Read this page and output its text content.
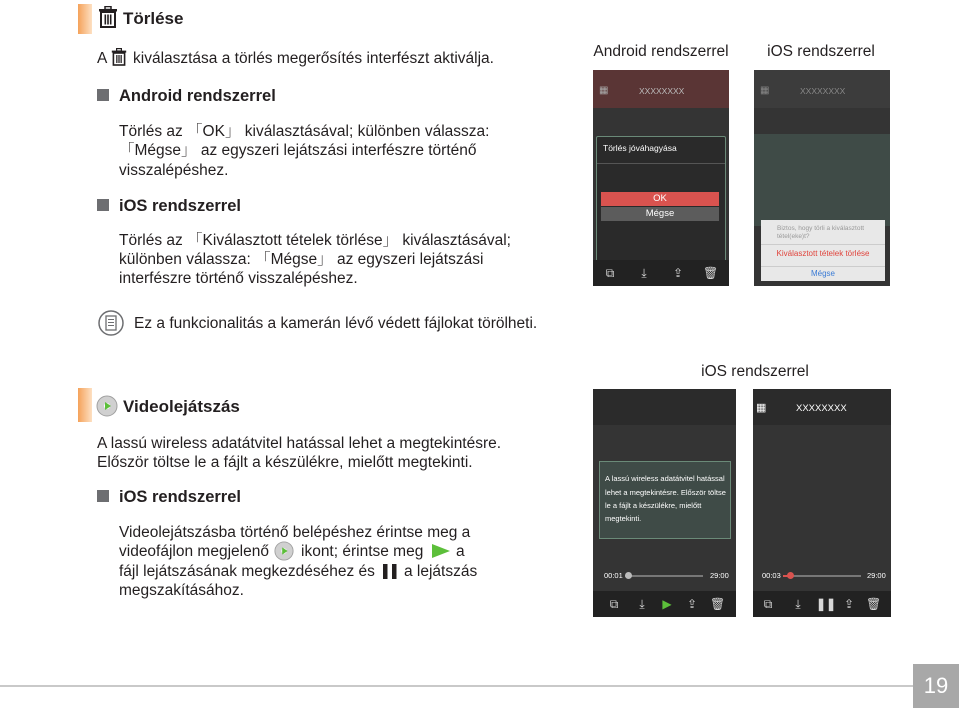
Törlése
A kiválasztása a törlés megerősítés interfészt aktiválja.
Android rendszerrel
Törlés az 「OK」 kiválasztásával; különben válassza:
「Mégse」 az egyszeri lejátszási interfészre történő
visszalépéshez.
iOS rendszerrel
Törlés az 「Kiválasztott tételek törlése」 kiválasztásával;
különben válassza: 「Mégse」 az egyszeri lejátszási
interfészre történő visszalépéshez.
Android rendszerrel	iOS rendszerrel
▦	XXXXXXXX
Törlés jóváhagyása
OK
Mégse
⧉	⤓	⇪ 🗑
▦	XXXXXXXX
Biztos, hogy törli a kiválasztott tétel(eke)t?
Kiválasztott tételek törlése
Mégse
Ez a funkcionalitás a kamerán lévő védett fájlokat törölheti.
Videolejátszás
A lassú wireless adatátvitel hatással lehet a megtekintésre.
Először töltse le a fájlt a készülékre, mielőtt megtekinti.
iOS rendszerrel
Videolejátszásba történő belépéshez érintse meg a
videofájlon megjelenő ikont; érintse meg a
fájl lejátszásának megkezdéséhez és a lejátszás
megszakításához.
iOS rendszerrel
A lassú wireless adatátvitel hatással
lehet a megtekintésre. Először töltse
le a fájlt a készülékre, mielőtt
megtekinti.
00:01	29:00
⧉	⤓	▶ ⇪ 🗑
▦	XXXXXXXX
00:03	29:00
⧉	⤓	❚❚ ⇪ 🗑
19
